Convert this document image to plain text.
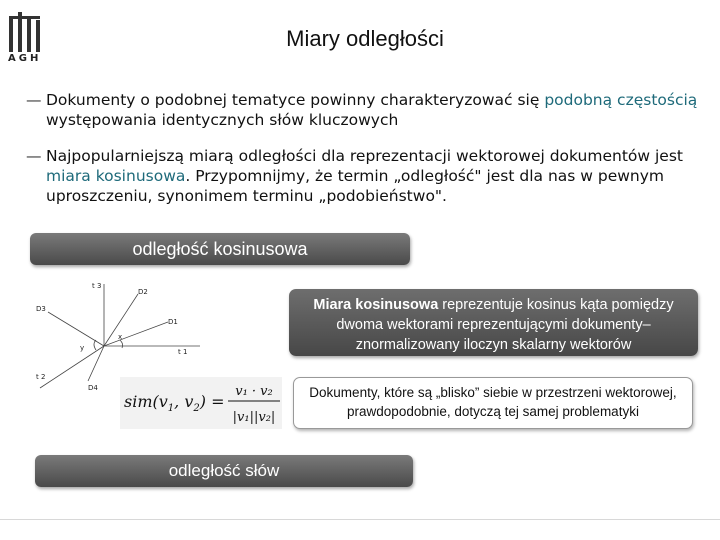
AGH
Miary odległości
— Dokumenty o podobnej tematyce powinny charakteryzować się podobną częstością występowania identycznych słów kluczowych
— Najpopularniejszą miarą odległości dla reprezentacji wektorowej dokumentów jest miara kosinusowa. Przypomnijmy, że termin „odległość" jest dla nas w pewnym uproszczeniu, synonimem terminu „podobieństwo".
odległość kosinusowa
t 3
D2
D3
D1
x
y	t 1
t 2
D4
Miara kosinusowa reprezentuje kosinus kąta pomiędzy dwoma wektorami reprezentującymi dokumenty– znormalizowany iloczyn skalarny wektorów
$sim(v_1$, $v_2$) =
v₁ · v₂
|v₁||v₂|
Dokumenty, które są „blisko” siebie w przestrzeni wektorowej, prawdopodobnie, dotyczą tej samej problematyki
odległość słów
